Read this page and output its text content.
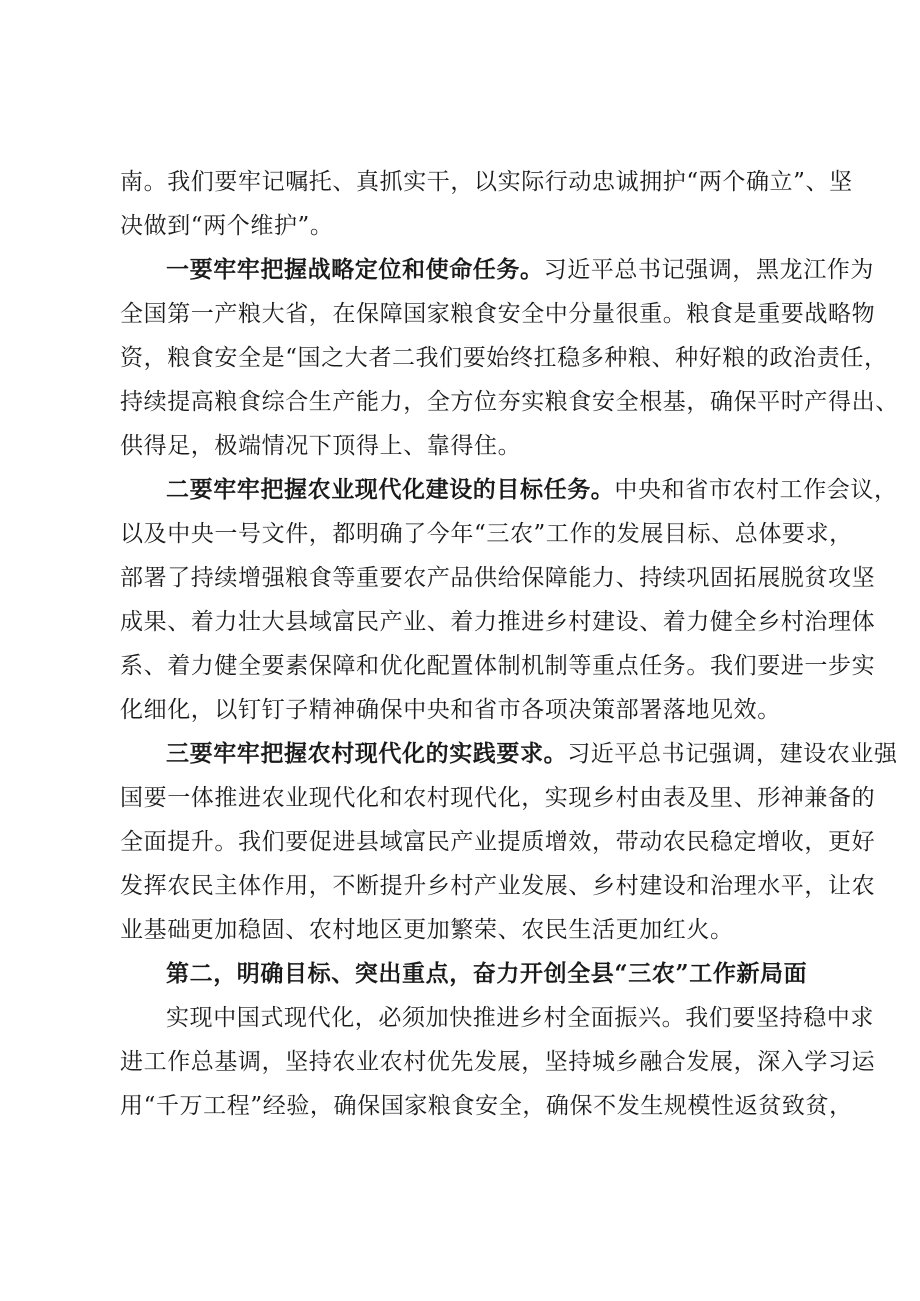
南。我们要牢记嘱托、真抓实干，以实际行动忠诚拥护“两个确立”、坚
决做到“两个维护”。
一要牢牢把握战略定位和使命任务。习近平总书记强调，黑龙江作为
全国第一产粮大省，在保障国家粮食安全中分量很重。粮食是重要战略物
资，粮食安全是“国之大者二我们要始终扛稳多种粮、种好粮的政治责任，
持续提高粮食综合生产能力，全方位夯实粮食安全根基，确保平时产得出、
供得足，极端情况下顶得上、靠得住。
二要牢牢把握农业现代化建设的目标任务。中央和省市农村工作会议，
以及中央一号文件，都明确了今年“三农”工作的发展目标、总体要求，
部署了持续增强粮食等重要农产品供给保障能力、持续巩固拓展脱贫攻坚
成果、着力壮大县域富民产业、着力推进乡村建设、着力健全乡村治理体
系、着力健全要素保障和优化配置体制机制等重点任务。我们要进一步实
化细化，以钉钉子精神确保中央和省市各项决策部署落地见效。
三要牢牢把握农村现代化的实践要求。习近平总书记强调，建设农业强
国要一体推进农业现代化和农村现代化，实现乡村由表及里、形神兼备的
全面提升。我们要促进县域富民产业提质增效，带动农民稳定增收，更好
发挥农民主体作用，不断提升乡村产业发展、乡村建设和治理水平，让农
业基础更加稳固、农村地区更加繁荣、农民生活更加红火。
第二，明确目标、突出重点，奋力开创全县“三农”工作新局面
实现中国式现代化，必须加快推进乡村全面振兴。我们要坚持稳中求
进工作总基调，坚持农业农村优先发展，坚持城乡融合发展，深入学习运
用“千万工程”经验，确保国家粮食安全，确保不发生规模性返贫致贫，
